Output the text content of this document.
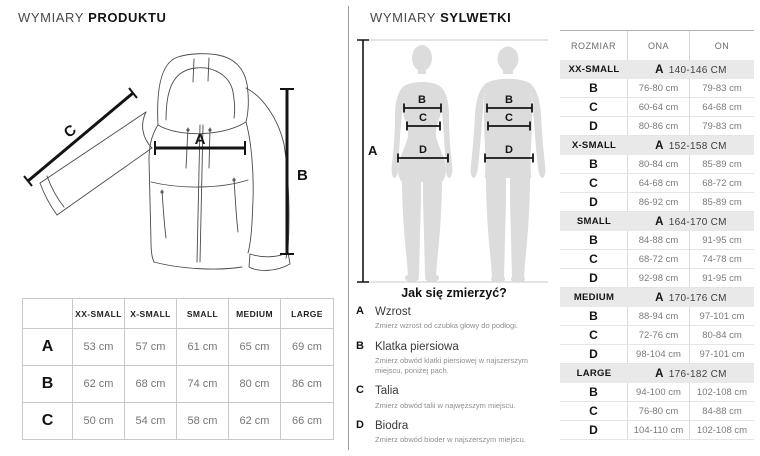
WYMIARY PRODUKTU	WYMIARY SYLWETKI
A
B
C
A
B
C
D
B
C
D
	XX-SMALL	X-SMALL	SMALL	MEDIUM	LARGE
A	53 cm	57 cm	61 cm	65 cm	69 cm
B	62 cm	68 cm	74 cm	80 cm	86 cm
C	50 cm	54 cm	58 cm	62 cm	66 cm
Jak się zmierzyć?
A Wzrost
Zmierz wzrost od czubka głowy do podłogi.
B Klatka piersiowa
Zmierz obwód klatki piersiowej w najszerszym miejscu, poniżej pach.
C Talia
Zmierz obwód talii w najwęższym miejscu.
D Biodra
Zmierz obwód bioder w najszerszym miejscu.
ROZMIAR	ONA	ON
XX-SMALL	A 140-146 CM
B	76-80 cm	79-83 cm
C	60-64 cm	64-68 cm
D	80-86 cm	79-83 cm
X-SMALL	A 152-158 CM
B	80-84 cm	85-89 cm
C	64-68 cm	68-72 cm
D	86-92 cm	85-89 cm
SMALL	A 164-170 CM
B	84-88 cm	91-95 cm
C	68-72 cm	74-78 cm
D	92-98 cm	91-95 cm
MEDIUM	A 170-176 CM
B	88-94 cm	97-101 cm
C	72-76 cm	80-84 cm
D	98-104 cm	97-101 cm
LARGE	A 176-182 CM
B	94-100 cm	102-108 cm
C	76-80 cm	84-88 cm
D	104-110 cm	102-108 cm
